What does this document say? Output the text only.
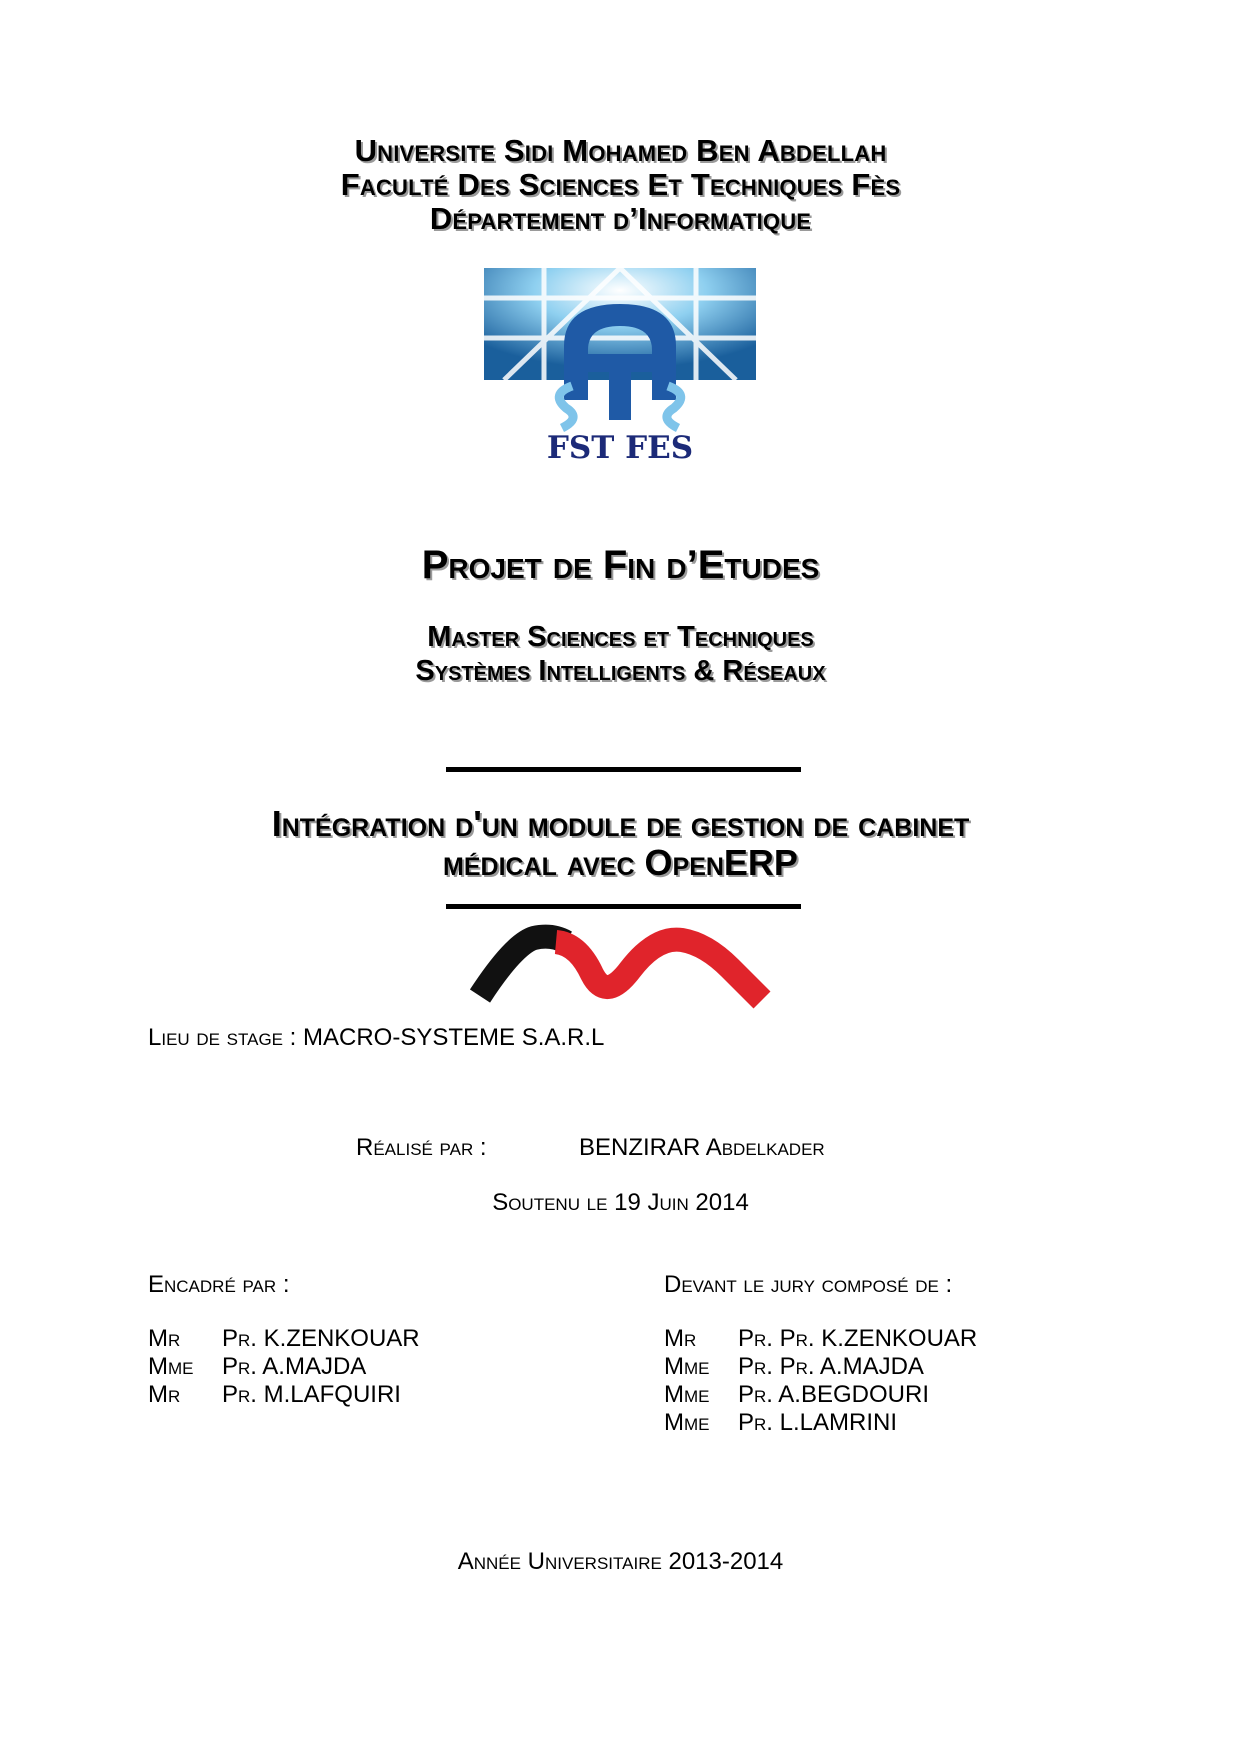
Universite Sidi Mohamed Ben Abdellah
Faculté Des Sciences Et Techniques Fès
Département d’Informatique
FST FES
Projet de Fin d’Etudes
Master Sciences et Techniques
Systèmes Intelligents & Réseaux
Intégration d'un module de gestion de cabinet
médical avec OpenERP
Lieu de stage : MACRO-SYSTEME S.A.R.L
Réalisé par :	BENZIRAR Abdelkader
Soutenu le 19 Juin 2014
Encadré par :
Mr Pr. K.ZENKOUAR
Mme Pr. A.MAJDA
Mr Pr. M.LAFQUIRI
Devant le jury composé de :
Mr Pr. Pr. K.ZENKOUAR
Mme Pr. Pr. A.MAJDA
Mme Pr. A.BEGDOURI
Mme Pr. L.LAMRINI
Année Universitaire 2013-2014
